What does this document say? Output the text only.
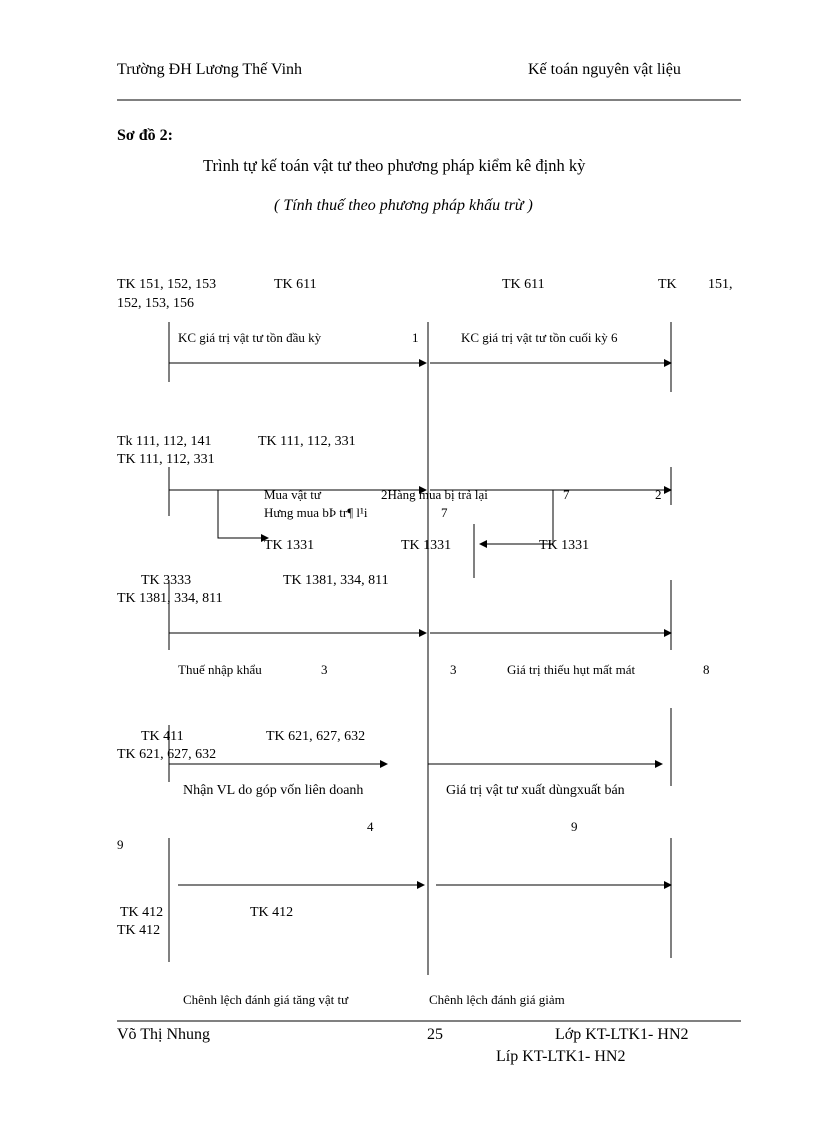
Trường ĐH Lương Thế Vinh	Kế toán nguyên vật liệu
Sơ đồ 2:
Trình tự kế toán vật tư theo phương pháp kiểm kê định kỳ
( Tính thuế theo phương pháp khấu trừ )
TK 151, 152, 153
152, 153, 156
TK 611	TK 611	TK 151,
KC giá trị vật tư tồn đầu kỳ	1	KC giá trị vật tư tồn cuối kỳ 6
Tk 111, 112, 141	TK 111, 112, 331
TK 111, 112, 331
Mua vật tư	2Hàng mua bị trả lại	7	2
Hưng mua bÞ tr¶ l¹i	7
TK 1331	TK 1331	TK 1331
TK 3333	TK 1381, 334, 811
TK 1381, 334, 811
Thuế nhập khẩu	3	3	Giá trị thiếu hụt mất mát	8
TK 411	TK 621, 627, 632
TK 621, 627, 632
Nhận VL do góp vốn liên doanh	Giá trị vật tư xuất dùngxuất bán
4	9
9
TK 412	TK 412
TK 412
Chênh lệch đánh giá tăng vật tư	Chênh lệch đánh giá giảm
Võ Thị Nhung	25	Lớp KT-LTK1- HN2
Líp KT-LTK1- HN2
